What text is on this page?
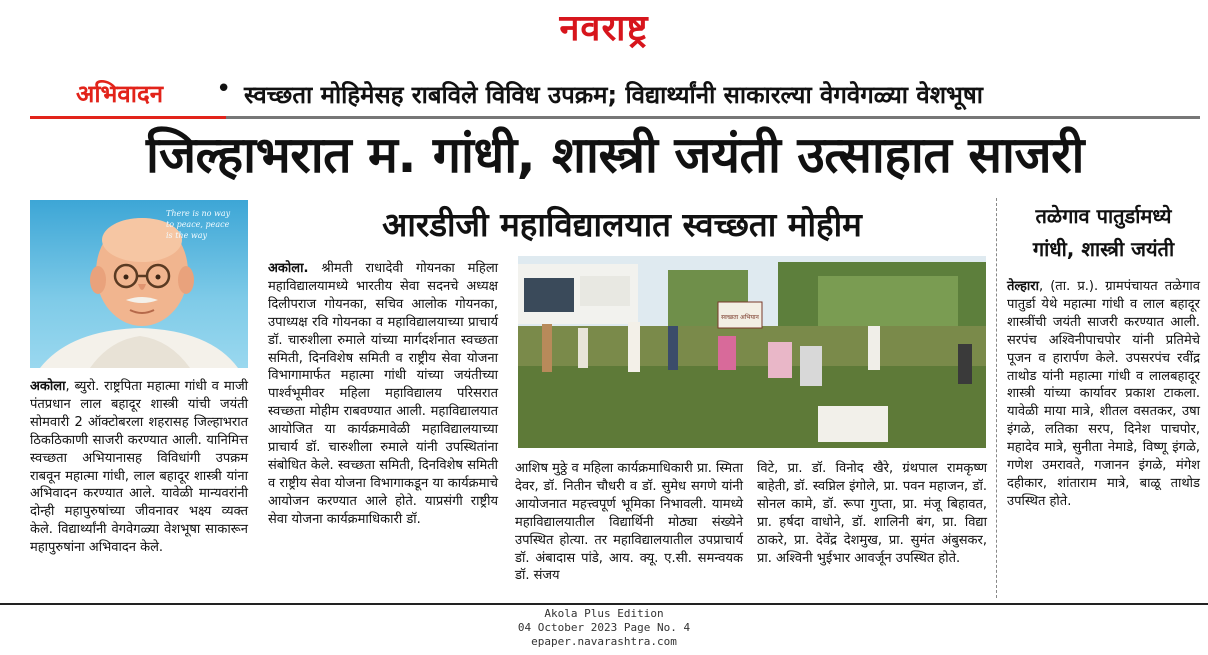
नवराष्ट्र
अभिवादन • स्वच्छता मोहिमेसह राबविले विविध उपक्रम; विद्यार्थ्यांनी साकारल्या वेगवेगळ्या वेशभूषा
जिल्हाभरात म. गांधी, शास्त्री जयंती उत्साहात साजरी
There is no way to peace, peace is the way
अकोला, ब्युरो. राष्ट्रपिता महात्मा गांधी व माजी पंतप्रधान लाल बहादूर शास्त्री यांची जयंती सोमवारी 2 ऑक्टोबरला शहरासह जिल्हाभरात ठिकठिकाणी साजरी करण्यात आली. यानिमित्त स्वच्छता अभियानासह विविधांगी उपक्रम राबवून महात्मा गांधी, लाल बहादूर शास्त्री यांना अभिवादन करण्यात आले. यावेळी मान्यवरांनी दोन्ही महापुरुषांच्या जीवनावर भक्ष्य व्यक्त केले. विद्यार्थ्यांनी वेगवेगळ्या वेशभूषा साकारून महापुरुषांना अभिवादन केले.
आरडीजी महाविद्यालयात स्वच्छता मोहीम
अकोला. श्रीमती राधादेवी गोयनका महिला महाविद्यालयामध्ये भारतीय सेवा सदनचे अध्यक्ष दिलीपराज गोयनका, सचिव आलोक गोयनका, उपाध्यक्ष रवि गोयनका व महाविद्यालयाच्या प्राचार्य डॉ. चारुशीला रुमाले यांच्या मार्गदर्शनात स्वच्छता समिती, दिनविशेष समिती व राष्ट्रीय सेवा योजना विभागामार्फत महात्मा गांधी यांच्या जयंतीच्या पार्श्वभूमीवर महिला महाविद्यालय परिसरात स्वच्छता मोहीम राबवण्यात आली. महाविद्यालयात आयोजित या कार्यक्रमावेळी महाविद्यालयाच्या प्राचार्य डॉ. चारुशीला रुमाले यांनी उपस्थितांना संबोधित केले. स्वच्छता समिती, दिनविशेष समिती व राष्ट्रीय सेवा योजना विभागाकडून या कार्यक्रमाचे आयोजन करण्यात आले होते. याप्रसंगी राष्ट्रीय सेवा योजना कार्यक्रमाधिकारी डॉ.
स्वच्छता अभियान
आशिष मुठ्ठे व महिला कार्यक्रमाधिकारी प्रा. स्मिता देवर, डॉ. नितीन चौधरी व डॉ. सुमेध सगणे यांनी आयोजनात महत्त्वपूर्ण भूमिका निभावली. यामध्ये महाविद्यालयातील विद्यार्थिनी मोठ्या संख्येने उपस्थित होत्या. तर महाविद्यालयातील उपप्राचार्य डॉ. अंबादास पांडे, आय. क्यू. ए.सी. समन्वयक डॉ. संजय
विटे, प्रा. डॉ. विनोद खैरे, ग्रंथपाल रामकृष्ण बाहेती, डॉ. स्वप्निल इंगोले, प्रा. पवन महाजन, डॉ. सोनल कामे, डॉ. रूपा गुप्ता, प्रा. मंजू बिहावत, प्रा. हर्षदा वाधोने, डॉ. शालिनी बंग, प्रा. विद्या ठाकरे, प्रा. देवेंद्र देशमुख, प्रा. सुमंत अंबुसकर, प्रा. अश्विनी भुईभार आवर्जून उपस्थित होते.
तळेगाव पातुर्डामध्ये
गांधी, शास्त्री जयंती
तेल्हारा, (ता. प्र.). ग्रामपंचायत तळेगाव पातुर्डा येथे महात्मा गांधी व लाल बहादूर शास्त्रींची जयंती साजरी करण्यात आली. सरपंच अश्विनीपाचपोर यांनी प्रतिमेचे पूजन व हारार्पण केले. उपसरपंच रवींद्र ताथोड यांनी महात्मा गांधी व लालबहादूर शास्त्री यांच्या कार्यावर प्रकाश टाकला. यावेळी माया मात्रे, शीतल वसतकर, उषा इंगळे, लतिका सरप, दिनेश पाचपोर, महादेव मात्रे, सुनीता नेमाडे, विष्णू इंगळे, गणेश उमरावते, गजानन इंगळे, मंगेश दहीकार, शांताराम मात्रे, बाळू ताथोड उपस्थित होते.
Akola Plus Edition
04 October 2023 Page No. 4
epaper.navarashtra.com
